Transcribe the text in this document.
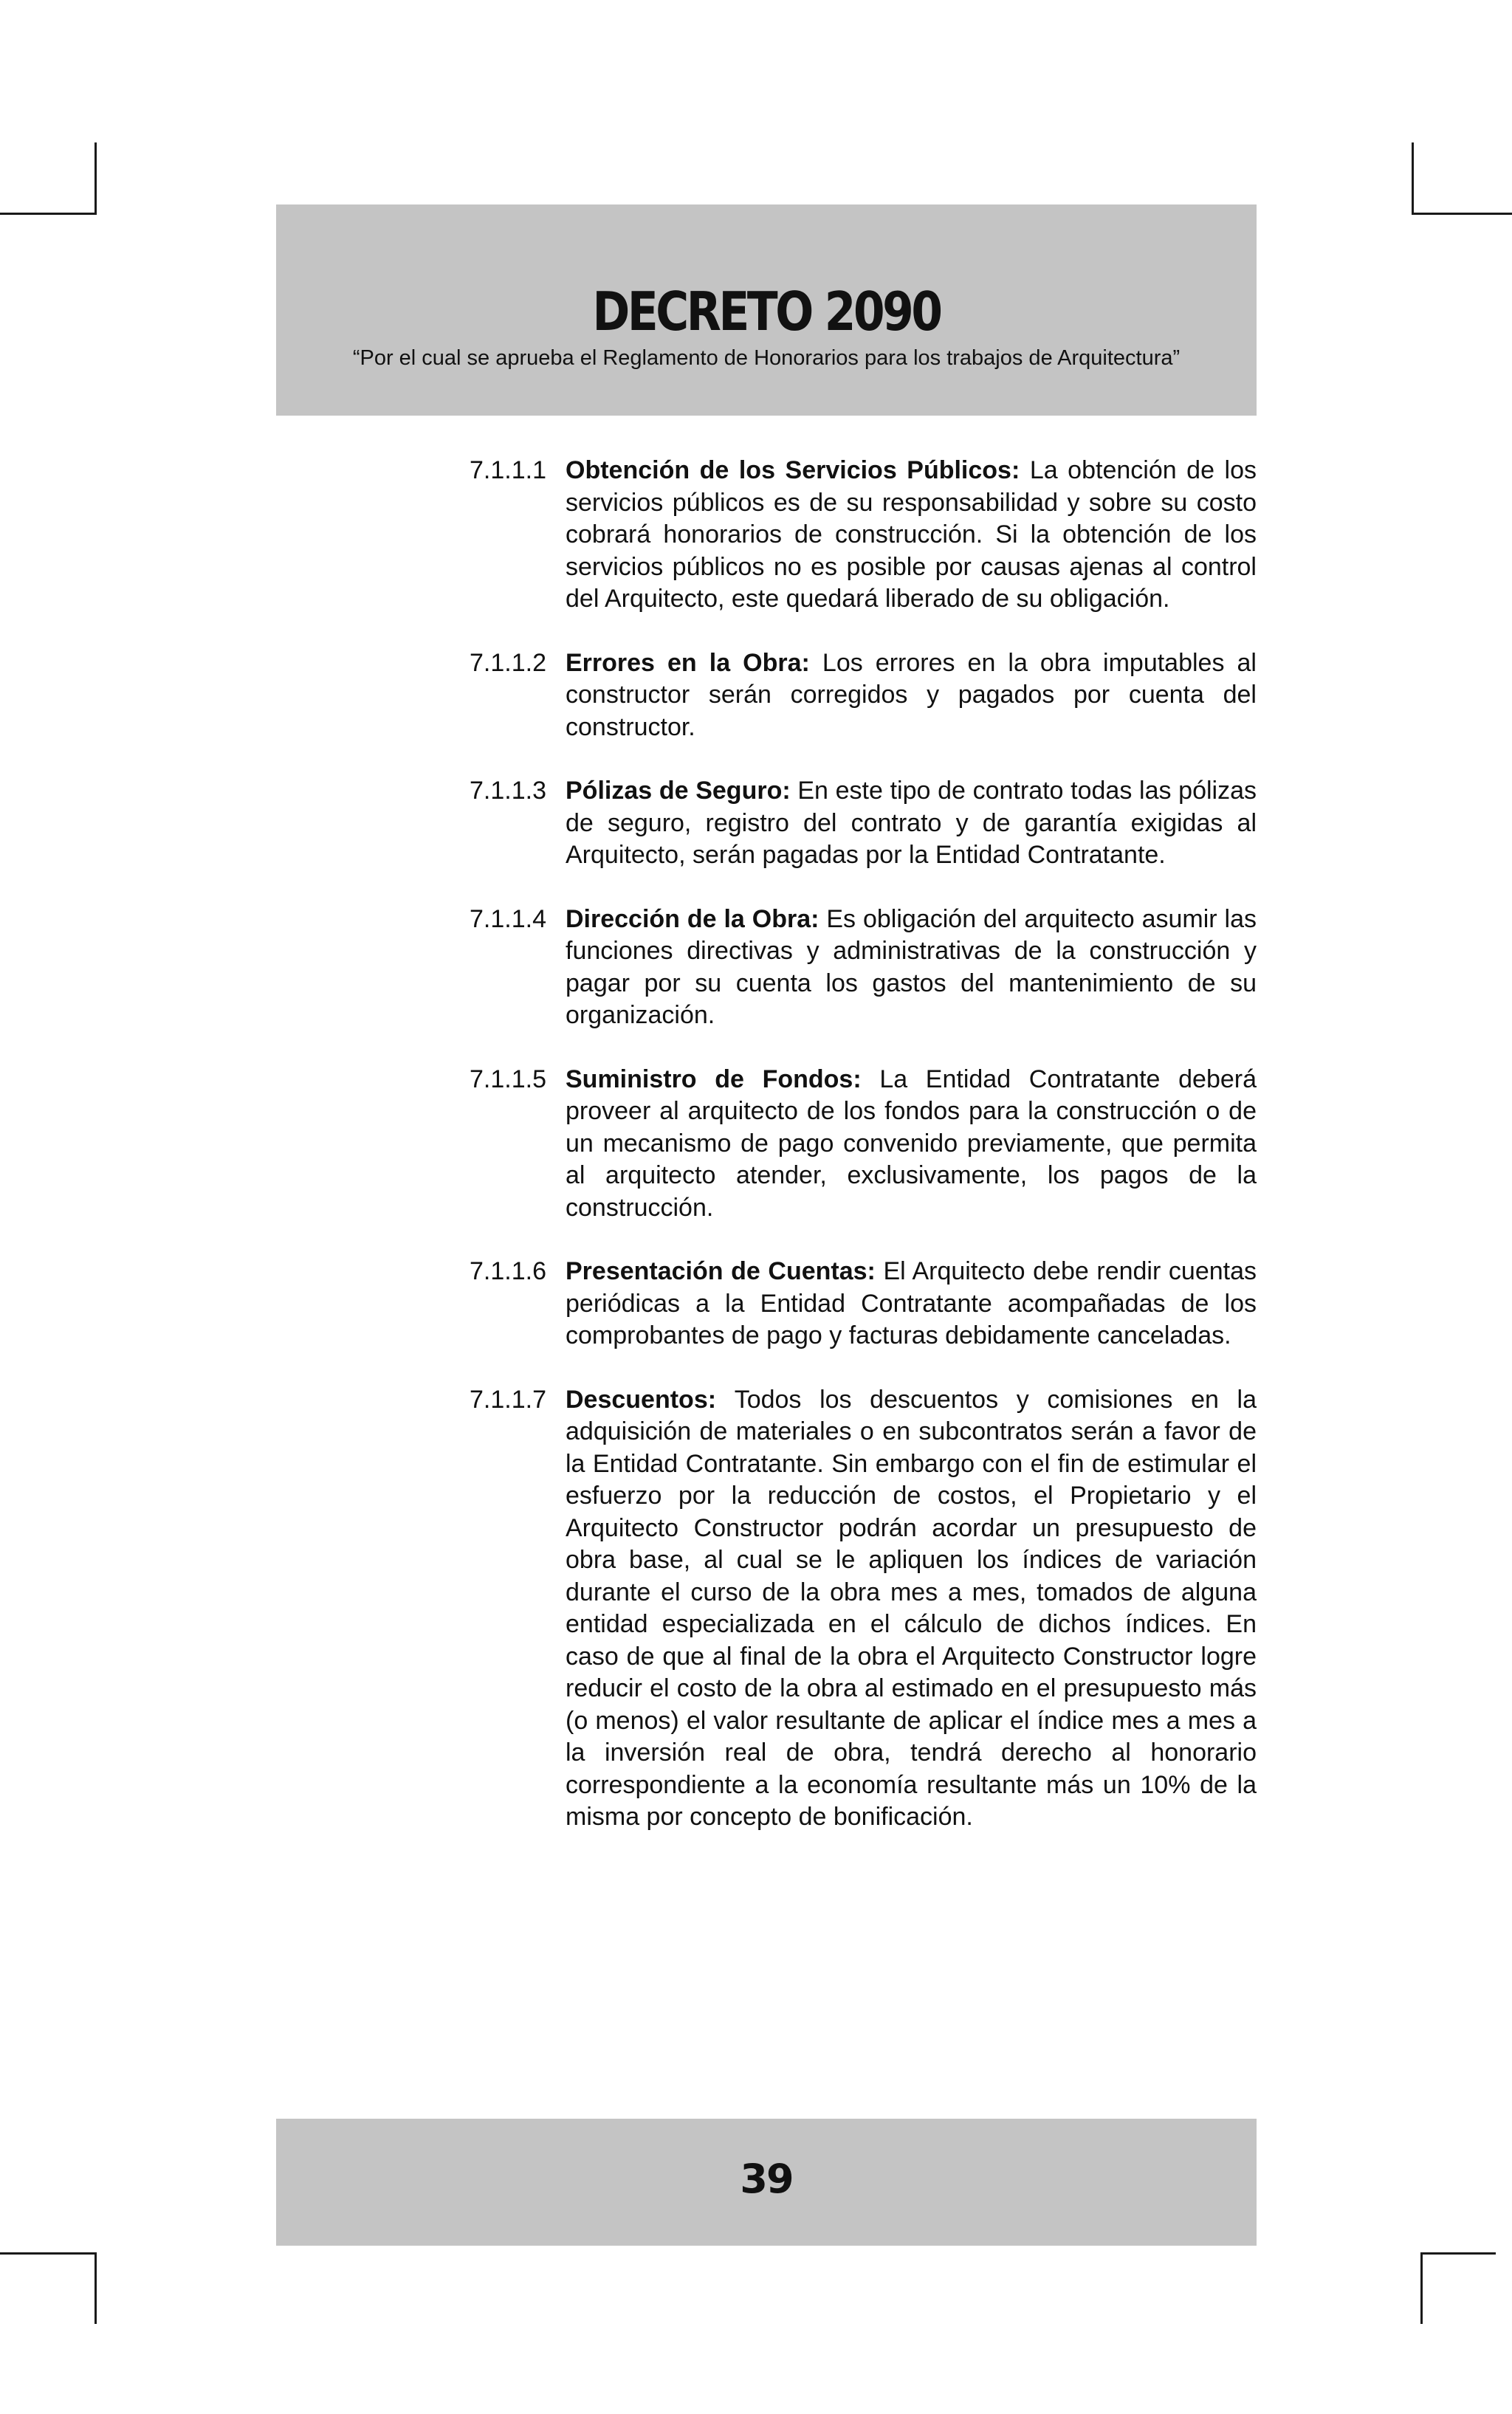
DECRETO 2090
“Por el cual se aprueba el Reglamento de Honorarios para los trabajos de Arquitectura”
7.1.1.1 Obtención de los Servicios Públicos: La obtención de los servicios públicos es de su responsabilidad y sobre su costo cobrará honorarios de construcción. Si la obtención de los servicios públicos no es posible por causas ajenas al control del Arquitecto, este quedará liberado de su obligación.
7.1.1.2 Errores en la Obra: Los errores en la obra imputables al constructor serán corregidos y pagados por cuenta del constructor.
7.1.1.3 Pólizas de Seguro: En este tipo de contrato todas las pólizas de seguro, registro del contrato y de garantía exigidas al Arquitecto, serán pagadas por la Entidad Contratante.
7.1.1.4 Dirección de la Obra: Es obligación del arquitecto asumir las funciones directivas y administrativas de la construcción y pagar por su cuenta los gastos del mantenimiento de su organización.
7.1.1.5 Suministro de Fondos: La Entidad Contratante deberá proveer al arquitecto de los fondos para la construcción o de un mecanismo de pago convenido previamente, que permita al arquitecto atender, exclusivamente, los pagos de la construcción.
7.1.1.6 Presentación de Cuentas: El Arquitecto debe rendir cuentas periódicas a la Entidad Contratante acompañadas de los comprobantes de pago y facturas debidamente canceladas.
7.1.1.7 Descuentos: Todos los descuentos y comisiones en la adquisición de materiales o en subcontratos serán a favor de la Entidad Contratante. Sin embargo con el fin de estimular el esfuerzo por la reducción de costos, el Propietario y el Arquitecto Constructor podrán acordar un presupuesto de obra base, al cual se le apliquen los índices de variación durante el curso de la obra mes a mes, tomados de alguna entidad especializada en el cálculo de dichos índices. En caso de que al final de la obra el Arquitecto Constructor logre reducir el costo de la obra al estimado en el presupuesto más (o menos) el valor resultante de aplicar el índice mes a mes a la inversión real de obra, tendrá derecho al honorario correspondiente a la economía resultante más un 10% de la misma por concepto de bonificación.
39
